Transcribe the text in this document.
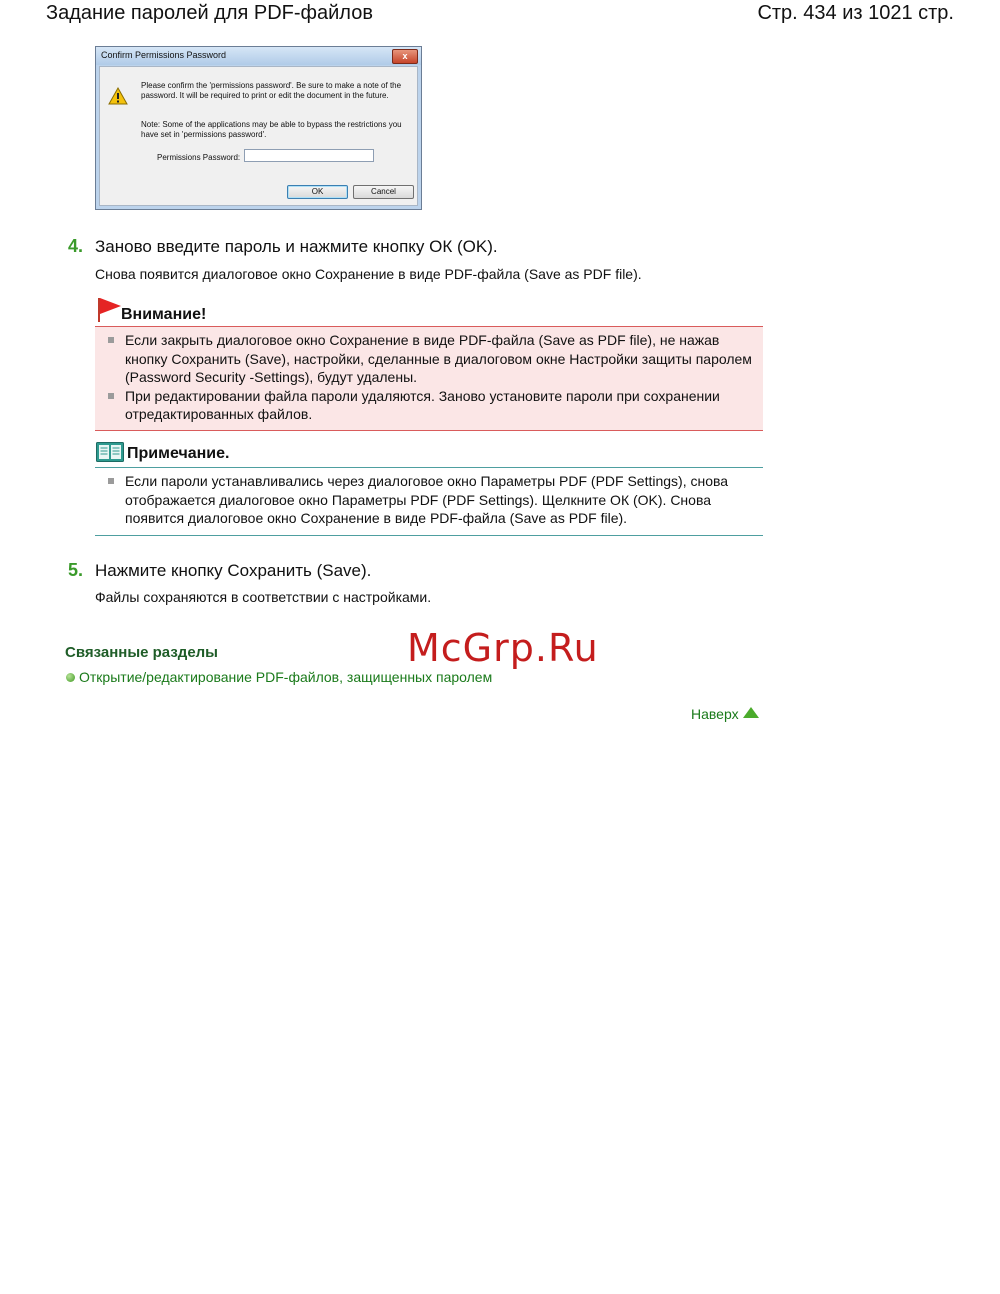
Задание паролей для PDF-файлов	Стр. 434 из 1021 стр.
Confirm Permissions Password	x
Please confirm the 'permissions password'. Be sure to make a note of the password. It will be required to print or edit the document in the future.
Note: Some of the applications may be able to bypass the restrictions you have set in 'permissions password'.
Permissions Password:
OK	Cancel
4. Заново введите пароль и нажмите кнопку ОК (OK).
Снова появится диалоговое окно Сохранение в виде PDF-файла (Save as PDF file).
Внимание!
Если закрыть диалоговое окно Сохранение в виде PDF-файла (Save as PDF file), не нажав кнопку Сохранить (Save), настройки, сделанные в диалоговом окне Настройки защиты паролем (Password Security -Settings), будут удалены.
При редактировании файла пароли удаляются. Заново установите пароли при сохранении отредактированных файлов.
Примечание.
Если пароли устанавливались через диалоговое окно Параметры PDF (PDF Settings), снова отображается диалоговое окно Параметры PDF (PDF Settings). Щелкните ОК (OK). Снова появится диалоговое окно Сохранение в виде PDF-файла (Save as PDF file).
5. Нажмите кнопку Сохранить (Save).
Файлы сохраняются в соответствии с настройками.
McGrp.Ru
Связанные разделы
Открытие/редактирование PDF-файлов, защищенных паролем
Наверх
